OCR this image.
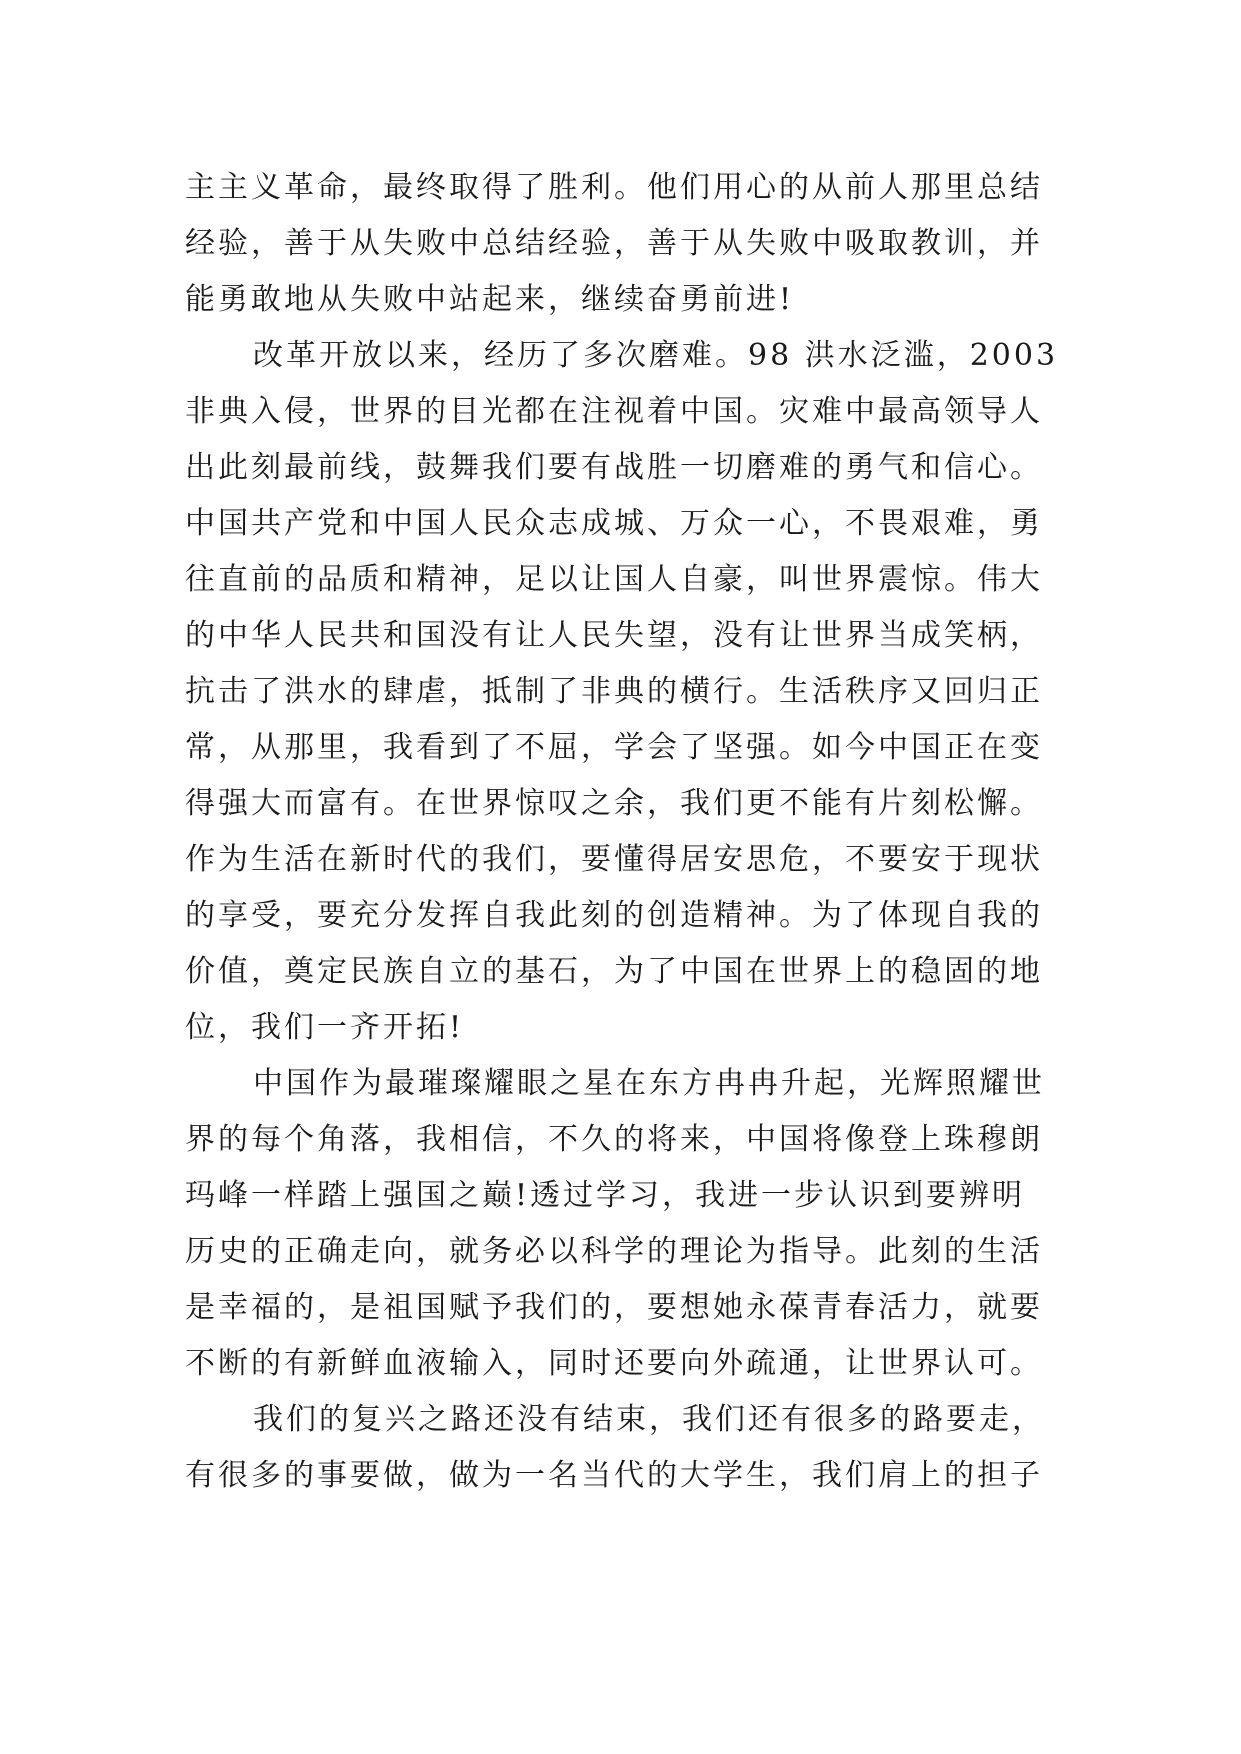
主主义革命，最终取得了胜利。他们用心的从前人那里总结
经验，善于从失败中总结经验，善于从失败中吸取教训，并
能勇敢地从失败中站起来，继续奋勇前进!
改革开放以来，经历了多次磨难。98 洪水泛滥，2003
非典入侵，世界的目光都在注视着中国。灾难中最高领导人
出此刻最前线，鼓舞我们要有战胜一切磨难的勇气和信心。
中国共产党和中国人民众志成城、万众一心，不畏艰难，勇
往直前的品质和精神，足以让国人自豪，叫世界震惊。伟大
的中华人民共和国没有让人民失望，没有让世界当成笑柄，
抗击了洪水的肆虐，抵制了非典的横行。生活秩序又回归正
常，从那里，我看到了不屈，学会了坚强。如今中国正在变
得强大而富有。在世界惊叹之余，我们更不能有片刻松懈。
作为生活在新时代的我们，要懂得居安思危，不要安于现状
的享受，要充分发挥自我此刻的创造精神。为了体现自我的
价值，奠定民族自立的基石，为了中国在世界上的稳固的地
位，我们一齐开拓!
中国作为最璀璨耀眼之星在东方冉冉升起，光辉照耀世
界的每个角落，我相信，不久的将来，中国将像登上珠穆朗
玛峰一样踏上强国之巅!透过学习，我进一步认识到要辨明
历史的正确走向，就务必以科学的理论为指导。此刻的生活
是幸福的，是祖国赋予我们的，要想她永葆青春活力，就要
不断的有新鲜血液输入，同时还要向外疏通，让世界认可。
我们的复兴之路还没有结束，我们还有很多的路要走，
有很多的事要做，做为一名当代的大学生，我们肩上的担子
